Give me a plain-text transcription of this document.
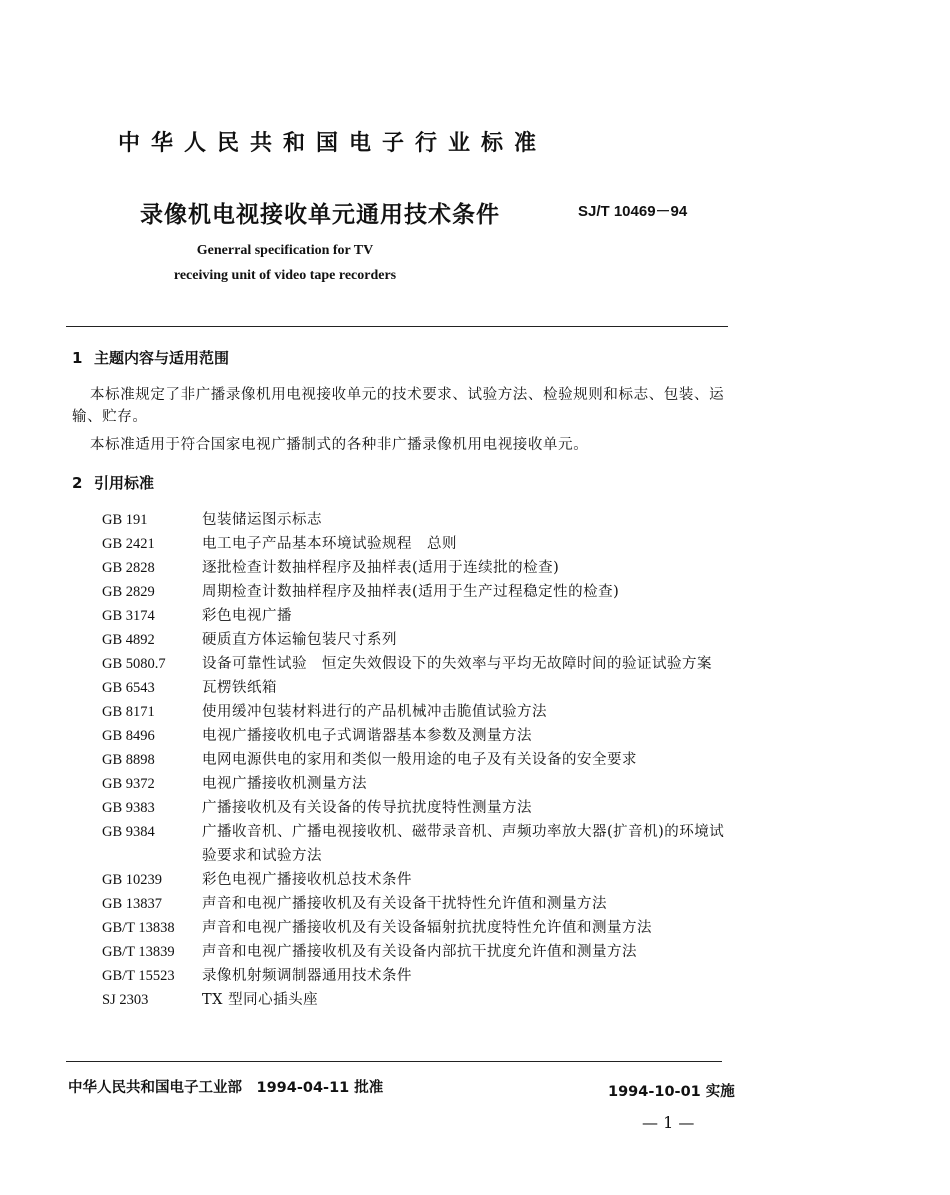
中华人民共和国电子行业标准
录像机电视接收单元通用技术条件	SJ/T 10469－94
Generral specification for TV
receiving unit of video tape recorders
1 主题内容与适用范围
本标准规定了非广播录像机用电视接收单元的技术要求、试验方法、检验规则和标志、包装、运输、贮存。
本标准适用于符合国家电视广播制式的各种非广播录像机用电视接收单元。
2 引用标准
GB 191	包装储运图示标志
GB 2421	电工电子产品基本环境试验规程　总则
GB 2828	逐批检查计数抽样程序及抽样表(适用于连续批的检查)
GB 2829	周期检查计数抽样程序及抽样表(适用于生产过程稳定性的检查)
GB 3174	彩色电视广播
GB 4892	硬质直方体运输包装尺寸系列
GB 5080.7	设备可靠性试验　恒定失效假设下的失效率与平均无故障时间的验证试验方案
GB 6543	瓦楞铁纸箱
GB 8171	使用缓冲包装材料进行的产品机械冲击脆值试验方法
GB 8496	电视广播接收机电子式调谐器基本参数及测量方法
GB 8898	电网电源供电的家用和类似一般用途的电子及有关设备的安全要求
GB 9372	电视广播接收机测量方法
GB 9383	广播接收机及有关设备的传导抗扰度特性测量方法
GB 9384	广播收音机、广播电视接收机、磁带录音机、声频功率放大器(扩音机)的环境试验要求和试验方法
GB 10239	彩色电视广播接收机总技术条件
GB 13837	声音和电视广播接收机及有关设备干扰特性允许值和测量方法
GB/T 13838	声音和电视广播接收机及有关设备辐射抗扰度特性允许值和测量方法
GB/T 13839	声音和电视广播接收机及有关设备内部抗干扰度允许值和测量方法
GB/T 15523	录像机射频调制器通用技术条件
SJ 2303	TX 型同心插头座
中华人民共和国电子工业部　1994-04-11 批准	1994-10-01 实施
— 1 —
